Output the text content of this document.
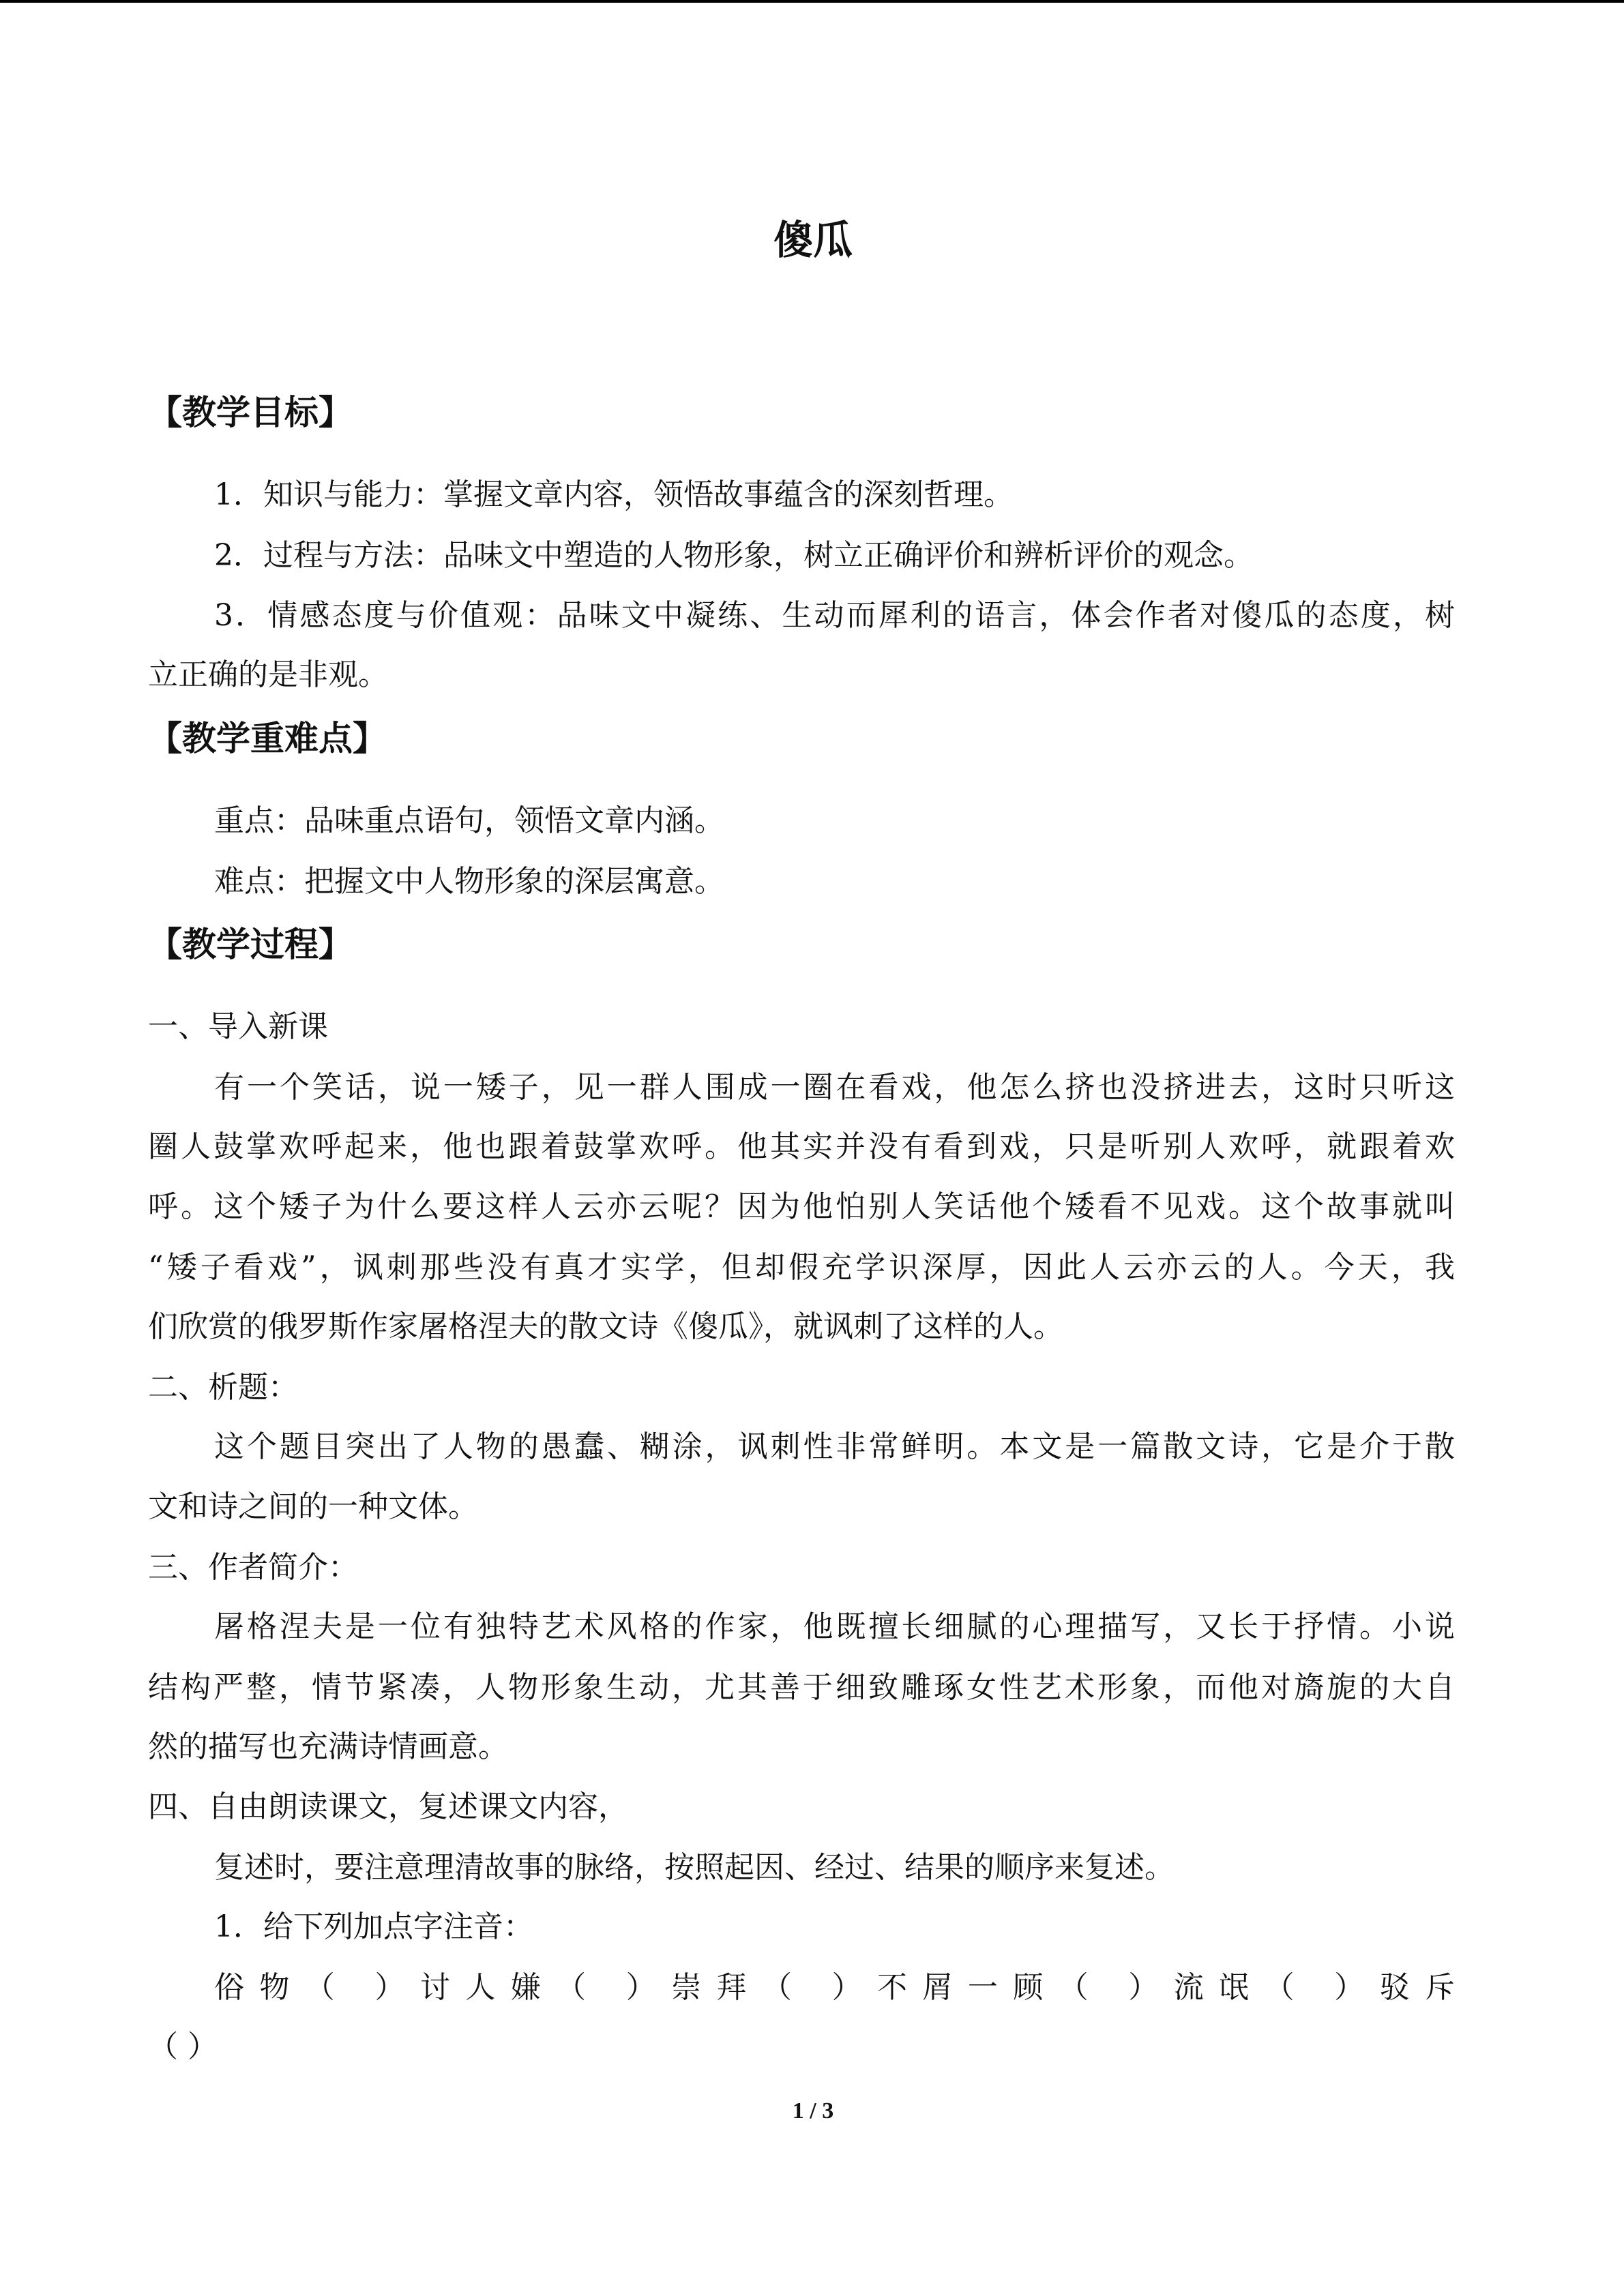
傻瓜
【教学目标】
1．知识与能力：掌握文章内容，领悟故事蕴含的深刻哲理。
2．过程与方法：品味文中塑造的人物形象，树立正确评价和辨析评价的观念。
3．情感态度与价值观：品味文中凝练、生动而犀利的语言，体会作者对傻瓜的态度，树
立正确的是非观。
【教学重难点】
重点：品味重点语句，领悟文章内涵。
难点：把握文中人物形象的深层寓意。
【教学过程】
一、导入新课
有一个笑话，说一矮子，见一群人围成一圈在看戏，他怎么挤也没挤进去，这时只听这
圈人鼓掌欢呼起来，他也跟着鼓掌欢呼。他其实并没有看到戏，只是听别人欢呼，就跟着欢
呼。这个矮子为什么要这样人云亦云呢？因为他怕别人笑话他个矮看不见戏。这个故事就叫
“矮子看戏”，讽刺那些没有真才实学，但却假充学识深厚，因此人云亦云的人。今天，我
们欣赏的俄罗斯作家屠格涅夫的散文诗《傻瓜》，就讽刺了这样的人。
二、析题：
这个题目突出了人物的愚蠢、糊涂，讽刺性非常鲜明。本文是一篇散文诗，它是介于散
文和诗之间的一种文体。
三、作者简介：
屠格涅夫是一位有独特艺术风格的作家，他既擅长细腻的心理描写，又长于抒情。小说
结构严整，情节紧凑，人物形象生动，尤其善于细致雕琢女性艺术形象，而他对旖旎的大自
然的描写也充满诗情画意。
四、自由朗读课文，复述课文内容，
复述时，要注意理清故事的脉络，按照起因、经过、结果的顺序来复述。
1．给下列加点字注音：
俗物（ ）讨人嫌（ ）崇拜（ ）不屑一顾（ ）流氓（ ）驳斥
（ ）
1 / 3
